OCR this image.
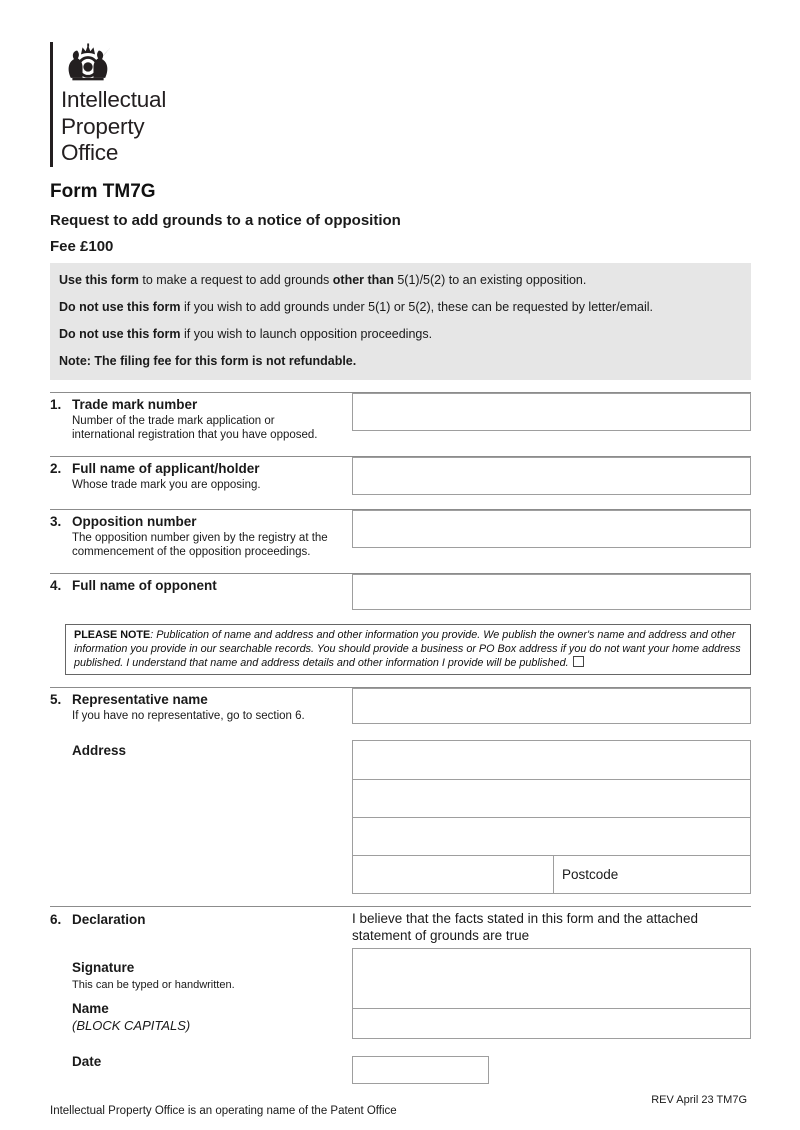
Intellectual
Property
Office
Form TM7G
Request to add grounds to a notice of opposition
Fee £100
Use this form to make a request to add grounds other than 5(1)/5(2) to an existing opposition.
Do not use this form if you wish to add grounds under 5(1) or 5(2), these can be requested by letter/email.
Do not use this form if you wish to launch opposition proceedings.
Note: The filing fee for this form is not refundable.
1. Trade mark number
Number of the trade mark application or international registration that you have opposed.
2. Full name of applicant/holder
Whose trade mark you are opposing.
3. Opposition number
The opposition number given by the registry at the commencement of the opposition proceedings.
4. Full name of opponent
PLEASE NOTE: Publication of name and address and other information you provide. We publish the owner's name and address and other information you provide in our searchable records. You should provide a business or PO Box address if you do not want your home address published. I understand that name and address details and other information I provide will be published.
5. Representative name
If you have no representative, go to section 6.
Address
Postcode
6. Declaration	I believe that the facts stated in this form and the attached statement of grounds are true
Signature
This can be typed or handwritten.
Name
(BLOCK CAPITALS)
Date
Intellectual Property Office is an operating name of the Patent Office
REV April 23 TM7G
